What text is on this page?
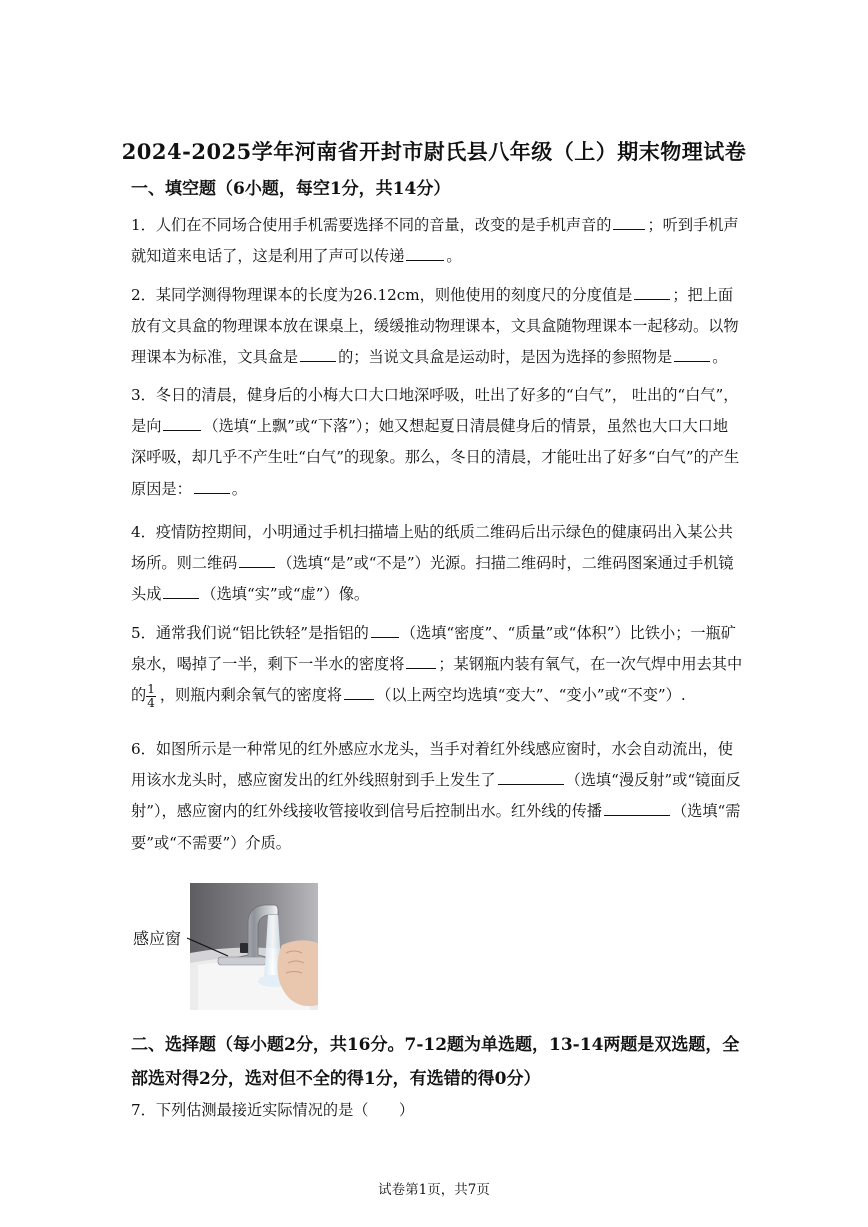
2024-2025学年河南省开封市尉氏县八年级（上）期末物理试卷
一、填空题（6小题，每空1分，共14分）
1．人们在不同场合使用手机需要选择不同的音量，改变的是手机声音的 ；听到手机声就知道来电话了，这是利用了声可以传递	。
2．某同学测得物理课本的长度为26.12cm，则他使用的刻度尺的分度值是	；把上面放有文具盒的物理课本放在课桌上，缓缓推动物理课本，文具盒随物理课本一起移动。以物理课本为标准，文具盒是	的；当说文具盒是运动时，是因为选择的参照物是	。
3．冬日的清晨，健身后的小梅大口大口地深呼吸，吐出了好多的“白气”， 吐出的“白气”，是向	（选填“上飘”或“下落”）；她又想起夏日清晨健身后的情景，虽然也大口大口地深呼吸，却几乎不产生吐“白气”的现象。那么，冬日的清晨，才能吐出了好多“白气”的产生原因是：	。
4．疫情防控期间，小明通过手机扫描墙上贴的纸质二维码后出示绿色的健康码出入某公共场所。则二维码	（选填“是”或“不是”）光源。扫描二维码时，二维码图案通过手机镜头成	（选填“实”或“虚”）像。
5．通常我们说“铝比铁轻”是指铝的 （选填“密度”、“质量”或“体积”）比铁小；一瓶矿泉水，喝掉了一半，剩下一半水的密度将 ；某钢瓶内装有氧气，在一次气焊中用去其中的 $\frac{1}{4}$ ，则瓶内剩余氧气的密度将 （以上两空均选填“变大”、“变小”或“不变”）.
6．如图所示是一种常见的红外感应水龙头，当手对着红外线感应窗时，水会自动流出，使用该水龙头时，感应窗发出的红外线照射到手上发生了	（选填“漫反射”或“镜面反射”），感应窗内的红外线接收管接收到信号后控制出水。红外线的传播	（选填“需要”或“不需要”）介质。
感应窗
二、选择题（每小题2分，共16分。7-12题为单选题，13-14两题是双选题，全部选对得2分，选对但不全的得1分，有选错的得0分）
7．下列估测最接近实际情况的是（　　）
试卷第1页，共7页
